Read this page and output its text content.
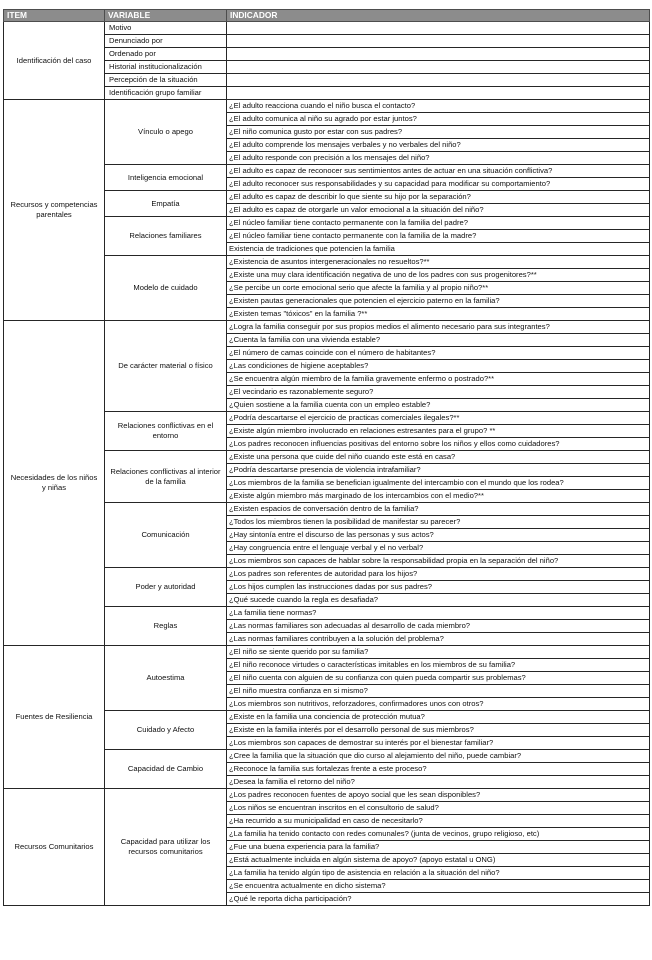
ITEM	VARIABLE	INDICADOR
Identificación del caso	Motivo	
	Denunciado por	
	Ordenado por	
	Historial institucionalización	
	Percepción de la situación	
	Identificación grupo familiar	
Recursos y competencias parentales	Vínculo o apego	¿El adulto reacciona cuando el niño busca el contacto?
		¿El adulto comunica al niño su agrado por estar juntos?
		¿El niño comunica gusto por estar con sus padres?
		¿El adulto comprende los mensajes verbales y no verbales del niño?
		¿El adulto responde con precisión a los mensajes del niño?
	Inteligencia emocional	¿El adulto es capaz de reconocer sus sentimientos antes de actuar en una situación conflictiva?
		¿El adulto reconocer sus responsabilidades y su capacidad para modificar su comportamiento?
	Empatía	¿El adulto es capaz de describir lo que siente su hijo por la separación?
		¿El adulto es capaz de otorgarle un valor emocional a la situación del niño?
	Relaciones familiares	¿El núcleo familiar tiene contacto permanente con la familia del padre?
		¿El núcleo familiar tiene contacto permanente con la familia de la madre?
		Existencia de tradiciones que potencien la familia
	Modelo de cuidado	¿Existencia de asuntos intergeneracionales no resueltos?**
		¿Existe una muy clara identificación negativa de uno de los padres con sus progenitores?**
		¿Se percibe un corte emocional serio que afecte la familia y al propio niño?**
		¿Existen pautas generacionales que potencien el ejercicio paterno en la familia?
		¿Existen temas "tóxicos" en la familia ?**
Necesidades de los niños y niñas	De carácter material o físico	¿Logra la familia conseguir por sus propios medios el alimento necesario para sus integrantes?
		¿Cuenta la familia con una vivienda estable?
		¿El número de camas coincide con el número de habitantes?
		¿Las condiciones de higiene aceptables?
		¿Se encuentra algún miembro de la familia gravemente enfermo o postrado?**
		¿El vecindario es razonablemente seguro?
		¿Quien sostiene a la familia cuenta con un empleo estable?
	Relaciones conflictivas en el entorno	¿Podría descartarse el ejercicio de practicas comerciales ilegales?**
		¿Existe algún miembro involucrado en relaciones estresantes para el grupo? **
		¿Los padres reconocen influencias positivas del entorno sobre los niños y ellos como cuidadores?
	Relaciones conflictivas al interior de la familia	¿Existe una persona que cuide del niño cuando este está en casa?
		¿Podría descartarse presencia de violencia intrafamiliar?
		¿Los miembros de la familia se benefician igualmente del intercambio con el mundo que los rodea?
		¿Existe algún miembro más marginado de los intercambios con el medio?**
	Comunicación	¿Existen espacios de conversación dentro de la familia?
		¿Todos los miembros tienen la posibilidad de manifestar su parecer?
		¿Hay sintonía entre el discurso de las personas y sus actos?
		¿Hay congruencia entre el lenguaje verbal y el no verbal?
		¿Los miembros son capaces de hablar sobre la responsabilidad propia en la separación del niño?
	Poder y autoridad	¿Los padres son referentes de autoridad para los hijos?
		¿Los hijos cumplen las instrucciones dadas por sus padres?
		¿Qué sucede cuando la regla es desafiada?
	Reglas	¿La familia tiene normas?
		¿Las normas familiares son adecuadas al desarrollo de cada miembro?
		¿Las normas familiares contribuyen a la solución del problema?
Fuentes de Resiliencia	Autoestima	¿El niño se siente querido por su familia?
		¿El niño reconoce virtudes o características imitables en los miembros de su familia?
		¿El niño cuenta con alguien de su confianza con quien pueda compartir sus problemas?
		¿El niño muestra confianza en si mismo?
		¿Los miembros son nutritivos, reforzadores, confirmadores unos con otros?
	Cuidado y Afecto	¿Existe en la familia una conciencia de protección mutua?
		¿Existe en la familia interés por el desarrollo personal de sus miembros?
		¿Los miembros son capaces de demostrar su interés por el bienestar familiar?
	Capacidad de Cambio	¿Cree la familia que la situación que dio curso al alejamiento del niño, puede cambiar?
		¿Reconoce la familia sus fortalezas frente a este proceso?
		¿Desea la familia el retorno del niño?
Recursos Comunitarios	Capacidad para utilizar los recursos comunitarios	¿Los padres reconocen fuentes de apoyo social que les sean disponibles?
		¿Los niños se encuentran inscritos en el consultorio de salud?
		¿Ha recurrido a su municipalidad en caso de necesitarlo?
		¿La familia ha tenido contacto con redes comunales? (junta de vecinos, grupo religioso, etc)
		¿Fue una buena experiencia para la familia?
		¿Está actualmente incluida en algún sistema de apoyo? (apoyo estatal u ONG)
		¿La familia ha tenido algún tipo de asistencia en relación a la situación del niño?
		¿Se encuentra actualmente en dicho sistema?
		¿Qué le reporta dicha participación?
